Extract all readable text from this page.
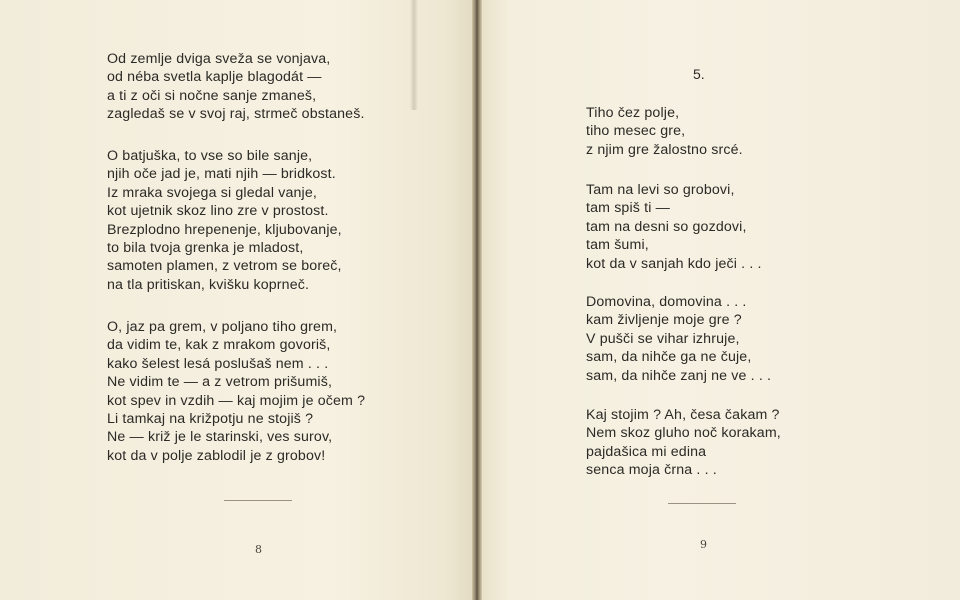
Od zemlje dviga sveža se vonjava,
od néba svetla kaplje blagodát —
a ti z oči si nočne sanje zmaneš,
zagledaš se v svoj raj, strmeč obstaneš.
O batjuška, to vse so bile sanje,
njih oče jad je, mati njih — bridkost.
Iz mraka svojega si gledal vanje,
kot ujetnik skoz lino zre v prostost.
Brezplodno hrepenenje, kljubovanje,
to bila tvoja grenka je mladost,
samoten plamen, z vetrom se boreč,
na tla pritiskan, kvišku koprneč.
O, jaz pa grem, v poljano tiho grem,
da vidim te, kak z mrakom govoriš,
kako šelest lesá poslušaš nem . . .
Ne vidim te — a z vetrom prišumiš,
kot spev in vzdih — kaj mojim je očem ?
Li tamkaj na križpotju ne stojiš ?
Ne — križ je le starinski, ves surov,
kot da v polje zablodil je z grobov!
Tiho čez polje,
tiho mesec gre,
z njim gre žalostno srcé.
Tam na levi so grobovi,
tam spiš ti —
tam na desni so gozdovi,
tam šumi,
kot da v sanjah kdo ječi . . .
Domovina, domovina . . .
kam življenje moje gre ?
V pušči se vihar izhruje,
sam, da nihče ga ne čuje,
sam, da nihče zanj ne ve . . .
Kaj stojim ? Ah, česa čakam ?
Nem skoz gluho noč korakam,
pajdašica mi edina
senca moja črna . . .
5.
8	9
